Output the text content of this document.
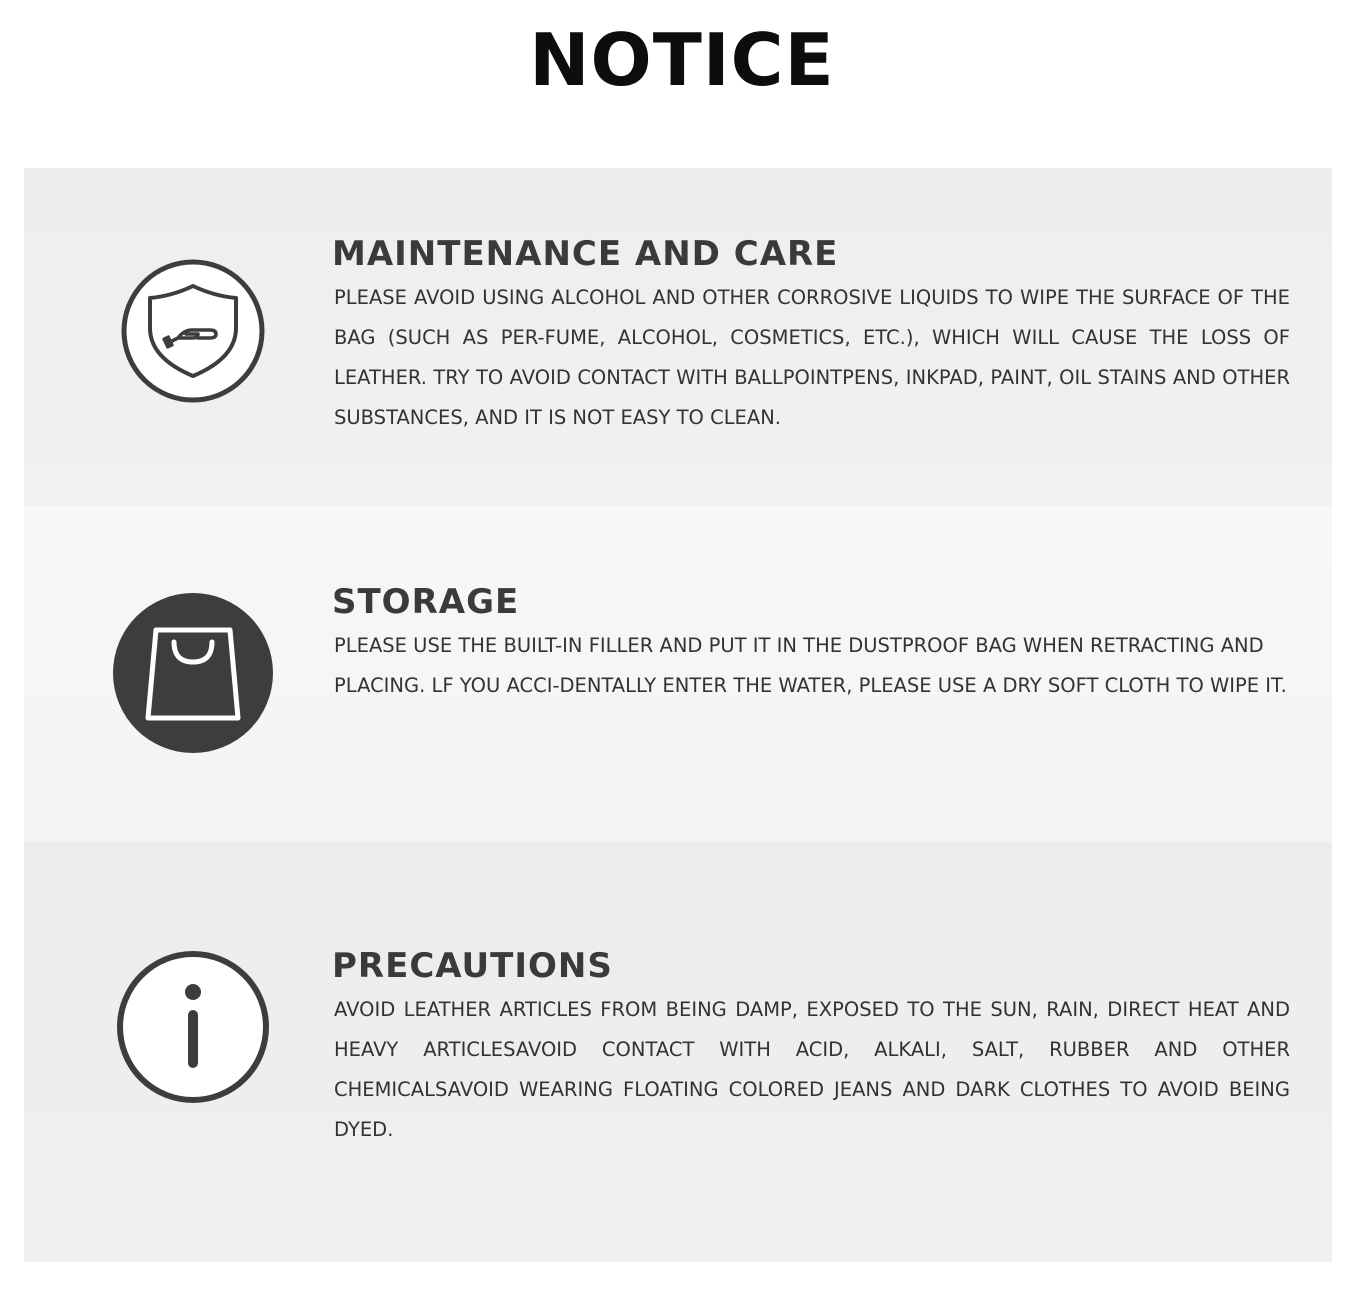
NOTICE
MAINTENANCE AND CARE
PLEASE AVOID USING ALCOHOL AND OTHER CORROSIVE LIQUIDS TO WIPE THE SURFACE OF THE BAG (SUCH AS PER-FUME, ALCOHOL, COSMETICS, ETC.), WHICH WILL CAUSE THE LOSS OF LEATHER. TRY TO AVOID CONTACT WITH BALLPOINTPENS, INKPAD, PAINT, OIL STAINS AND OTHER SUBSTANCES, AND IT IS NOT EASY TO CLEAN.
STORAGE
PLEASE USE THE BUILT-IN FILLER AND PUT IT IN THE DUSTPROOF BAG WHEN RETRACTING AND PLACING. LF YOU ACCI-DENTALLY ENTER THE WATER, PLEASE USE A DRY SOFT CLOTH TO WIPE IT.
PRECAUTIONS
AVOID LEATHER ARTICLES FROM BEING DAMP, EXPOSED TO THE SUN, RAIN, DIRECT HEAT AND HEAVY ARTICLESAVOID CONTACT WITH ACID, ALKALI, SALT, RUBBER AND OTHER CHEMICALSAVOID WEARING FLOATING COLORED JEANS AND DARK CLOTHES TO AVOID BEING DYED.
